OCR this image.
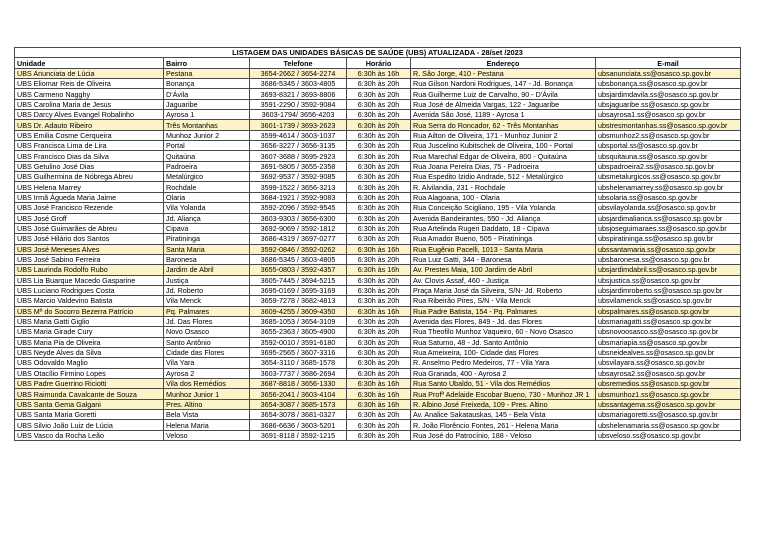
LISTAGEM DAS UNIDADES BÁSICAS DE SAÚDE (UBS) ATUALIZADA - 28/set /2023					
Unidade	Bairro	Telefone	Horário	Endereço	E-mail
UBS Anunciata de Lúcia	Pestana	3654-2662 / 3654-2274	6:30h às 16h	R. São Jorge, 410 - Pestana	ubsanunciata.ss@osasco.sp.gov.br
UBS Eliomar Reis de Oliveira	Bonança	3686-5345 / 3603-4805	6:30h às 20h	Rua Gilson Nardoni Rodrigues, 147 - Jd. Bonança	ubsbonança.ss@osasco.sp.gov.br
UBS Carmeno Nagghy	D'Ávila	3693-8321 / 3693-8806	6:30h às 20h	Rua Guilherme Luiz de Carvalho, 90 - D'Ávila	ubsjardimdavila.ss@osasco.sp.gov.br
UBS Carolina Maria de Jesus	Jaguaribe	3591-2290 / 3592-9084	6:30h às 20h	Rua José de Almeida Vargas, 122 - Jaguaribe	ubsjaguaribe.ss@osasco.sp.gov.br
UBS Darcy Alves Evangel Robalinho	Ayrosa 1	3603-1794/ 3656-4203	6:30h às 20h	Avenida São José, 1189 - Ayrosa 1	ubsayrosa1.ss@osasco.sp.gov.br
UBS Dr. Adauto Ribeiro	Três Montanhas	3601-1739 / 3693-2623	6:30h às 20h	Rua Serra do Roncador, 62 - Três Montanhas	ubstresmontanhas.ss@osasco.sp.gov.br
UBS Emilia Cosme Cerqueira	Munhoz Junior 2	3599-4614 / 3603-1037	6:30h às 20h	Rua Ailton de Oliveira, 171 - Munhoz Junior 2	ubsmunhoz2.ss@osasco.sp.gov.br
UBS Francisca Lima de Lira	Portal	3656-3227 / 3656-3135	6:30h às 20h	Rua Juscelino Kubitschek de Oliveira, 100 - Portal	ubsportal.ss@osasco.sp.gov.br
UBS Francisco Dias da Silva	Quitaúna	3607-3688 / 3695-2923	6:30h às 20h	Rua Marechal Edgar de Oliveira, 800 - Quitaúna	ubsquitauna.ss@osasco.sp.gov.br
UBS Getulino José Dias	Padroeira	3691-5805 / 3655-2358	6:30h às 20h	Rua Joana Pereira Dias, 75 - Padroeira	ubspadroeira2.ss@osasco.sp.gov.br
UBS Guilhermina de Nóbrega Abreu	Metalúrgico	3692-9537 / 3592-9085	6:30h às 20h	Rua Espedito Izidio Andrade, 512 - Metalúrgico	ubsmetalurgicos.ss@osasco.sp.gov.br
UBS Helena Marrey	Rochdale	3599-1522 / 3656-3213	6:30h às 20h	R. Alvilandia, 231 - Rochdale	ubshelenamarrey.ss@osasco.sp.gov.br
UBS Irmã Águeda Maria Jaime	Olaria	3684-1921 / 3592-9083	6:30h às 20h	Rua Alagoana, 100 - Olaria	ubsolaria.ss@osasco.sp.gov.br
UBS José Francisco Rezende	Vila Yolanda	3592-2096 / 3592-9545	6:30h às 20h	Rua Conceição Scigliano, 195 - Vila Yolanda	ubsvilayolanda.ss@osasco.sp.gov.br
UBS José Groff	Jd. Aliança	3603-9303 / 3656-6300	6:30h às 20h	Avenida Bandeirantes, 550 - Jd. Aliança	ubsjardimalianca.ss@osasco.sp.gov.br
UBS José Guimarães de Abreu	Cipava	3692-9069 / 3592-1812	6:30h às 20h	Rua Artelinda Rugeri Daddato, 18 - Cipava	ubsjoseguimaraes.ss@osasco.sp.gov.br
UBS José Hilário dos Santos	Piratininga	3686-4319 / 3697-0277	6:30h às 20h	Rua Amador Bueno, 505 - Piratininga	ubspiratininga.ss@osasco.sp.gov.br
UBS José Meneses Alves	Santa Maria	3592-0846 / 3592-0262	6:30h às 16h	Rua Eugênio Pacelli, 1013 - Santa Maria	ubssantamaria.ss@osasco.sp.gov.br
UBS José Sabino Ferreira	Baronesa	3686-5345 / 3603-4805	6:30h às 20h	Rua Luiz Gatti, 344 - Baronesa	ubsbaronesa.ss@osasco.sp.gov.br
UBS Laurinda Rodolfo Rubo	Jardim de Abril	3655-0803 / 3592-4357	6:30h às 16h	Av. Prestes Maia, 100 Jardim de Abril	ubsjardimdabril.ss@osasco.sp.gov.br
UBS Lia Buarque Macedo Gasparine	Justiça	3605-7445 / 3694-5215	6:30h às 20h	Av. Clovis Assaf, 460 - Justiça	ubsjustica.ss@osasco.sp.gov.br
UBS Luciano Rodrigues Costa	Jd. Roberto	3695-0169 / 3695-3169	6:30h às 20h	Praça Maria José da Silveira, S/N- Jd. Roberto	ubsjardimroberto.ss@osasco.sp.gov.br
UBS Marcio Valdevino Batista	Vila Menck	3659-7278 / 3682-4813	6:30h às 20h	Rua Ribeirão Pires, S/N - Vila Menck	ubsvilamenck.ss@osasco.sp.gov.br
UBS Mª do Socorro Bezerra Patrício	Pq. Palmares	3609-4255 / 3609-4350	6:30h às 16h	Rua Padre Batista, 154 - Pq. Palmares	ubspalmares.ss@osasco.sp.gov.br
UBS Maria Gatti Giglio	Jd. Das Flores	3685-1053 / 3654-3109	6:30h às 20h	Avenida das Flores, 849 - Jd. das Flores	ubsmariagatti.ss@osasco.sp.gov.br
UBS Maria Girade Cury	Novo Osasco	3655-2363 / 3605-4900	6:30h às 20h	Rua Theofilo Munhoz Vaqueiro, 60 - Novo Osasco	ubsnovoosasco.ss@osasco.sp.gov.br
UBS Maria Pia de Oliveira	Santo Antônio	3592-0010 / 3591-6180	6:30h às 20h	Rua Saturno, 48 - Jd. Santo Antônio	ubsmariapia.ss@osasco.sp.gov.br
UBS Neyde Alves da Silva	Cidade das Flores	3695-2565 / 3607-3316	6:30h às 20h	Rua Ameixeira, 100- Cidade das Flores	ubsneidealves.ss@osasco.sp.gov.br
UBS Odovaldo Maglio	Vila Yara	3654-3110 / 3685-1578	6:30h às 20h	R. Anselmo Pedro Medeiros, 77 - Vila Yara	ubsvilayara.ss@osasco.sp.gov.br
UBS Otacílio Firmino Lopes	Ayrosa 2	3603-7737 / 3686-2694	6:30h às 20h	Rua Granada, 400 - Ayrosa 2	ubsayrosa2.ss@osasco.sp.gov.br
UBS Padre Guerrino Riciotti	Vila dos Remédios	3687-8818 / 3656-1330	6:30h às 16h	Rua Santo Ubaldo, 51 - Vila dos Remédios	ubsremedios.ss@osasco.sp.gov.br
UBS Raimunda Cavalcante de Souza	Munhoz Junior 1	3656-2041 / 3603-4104	6:30h às 16h	Rua Profª Adelaide Escobar Bueno, 730 - Munhoz JR 1	ubsmunhoz1.ss@osasco.sp.gov.br
UBS Santa Gema Galgani	Pres. Altino	3654-3087 / 3685-1573	6:30h às 16h	R. Albino José Freixeda, 109 - Pres. Altino	ubssantagema.ss@osasco.sp.gov.br
UBS Santa Maria Goretti	Bela Vista	3654-3078 / 3681-0327	6:30h às 20h	Av. Analice Sakatauskas, 145 - Bela Vista	ubsmariagoretti.ss@osasco.sp.gov.br
UBS Silvio João Luiz de Lúcia	Helena Maria	3686-6636 / 3603-5201	6:30h às 20h	R. João Florêncio Fontes, 261 - Helena Maria	ubshelenamaria.ss@osasco.sp.gov.br
UBS Vasco da Rocha Leão	Veloso	3691-8118 / 3592-1215	6:30h às 20h	Rua José do Patrocínio, 188 - Veloso	ubsveloso.ss@osasco.sp.gov.br
